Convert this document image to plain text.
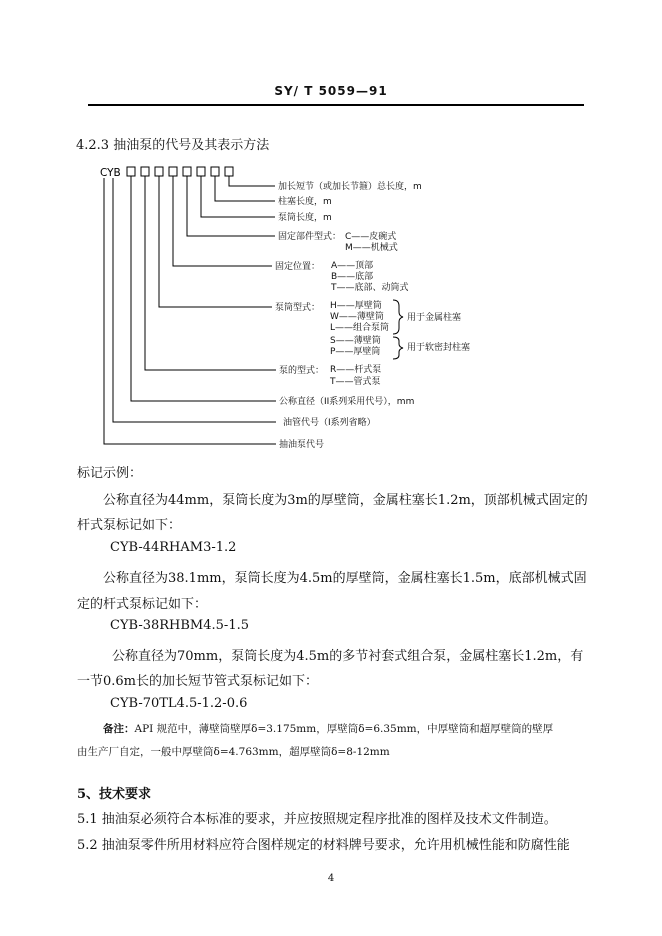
SY/ T 5059—91
4.2.3 抽油泵的代号及其表示方法
CYB
加长短节（或加长节箍）总长度，m
柱塞长度，m
泵筒长度，m
固定部件型式： C——皮碗式
M——机械式
固定位置： A——顶部
B——底部
T——底部、动筒式
泵筒型式： H——厚壁筒
W——薄壁筒
L——组合泵筒
S——薄壁筒
P——厚壁筒
用于金属柱塞
用于软密封柱塞
泵的型式： R——杆式泵
T——管式泵
公称直径（II系列采用代号），mm
油管代号（I系列省略）
抽油泵代号
标记示例：
公称直径为44mm，泵筒长度为3m的厚壁筒，金属柱塞长1.2m，顶部机械式固定的
杆式泵标记如下：
CYB-44RHAM3-1.2
公称直径为38.1mm，泵筒长度为4.5m的厚壁筒，金属柱塞长1.5m，底部机械式固
定的杆式泵标记如下：
CYB-38RHBM4.5-1.5
公称直径为70mm，泵筒长度为4.5m的多节衬套式组合泵，金属柱塞长1.2m，有
一节0.6m长的加长短节管式泵标记如下：
CYB-70TL4.5-1.2-0.6
备注：API 规范中，薄壁筒壁厚δ=3.175mm，厚壁筒δ=6.35mm，中厚壁筒和超厚壁筒的壁厚
由生产厂自定，一般中厚壁筒δ=4.763mm，超厚壁筒δ=8-12mm
5、技术要求
5.1 抽油泵必须符合本标准的要求，并应按照规定程序批准的图样及技术文件制造。
5.2 抽油泵零件所用材料应符合图样规定的材料牌号要求，允许用机械性能和防腐性能
4
